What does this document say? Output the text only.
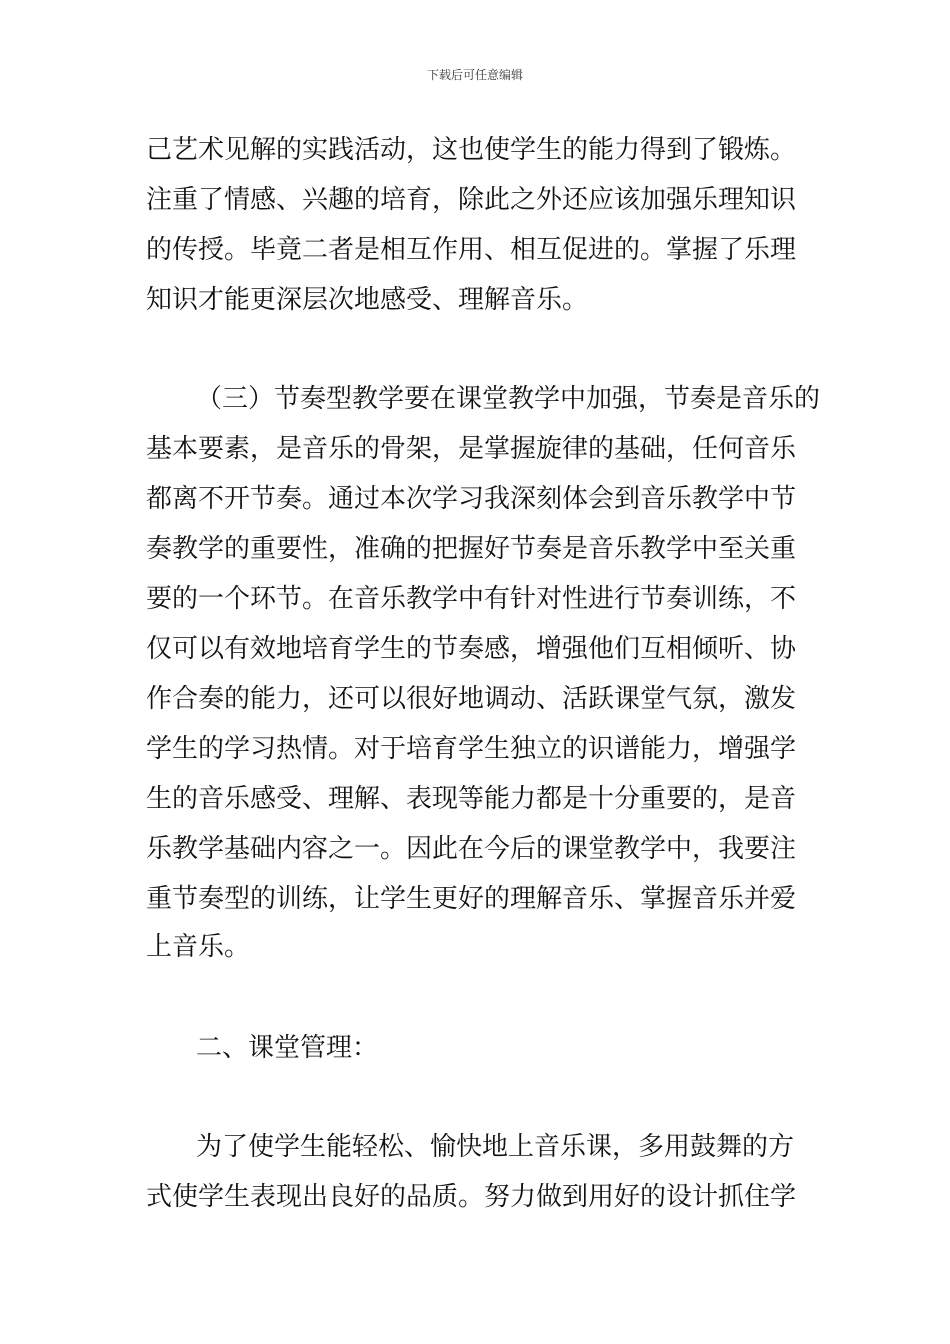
下载后可任意编辑
己艺术见解的实践活动，这也使学生的能力得到了锻炼。
注重了情感、兴趣的培育，除此之外还应该加强乐理知识
的传授。毕竟二者是相互作用、相互促进的。掌握了乐理
知识才能更深层次地感受、理解音乐。
（三）节奏型教学要在课堂教学中加强，节奏是音乐的
基本要素，是音乐的骨架，是掌握旋律的基础，任何音乐
都离不开节奏。通过本次学习我深刻体会到音乐教学中节
奏教学的重要性，准确的把握好节奏是音乐教学中至关重
要的一个环节。在音乐教学中有针对性进行节奏训练，不
仅可以有效地培育学生的节奏感，增强他们互相倾听、协
作合奏的能力，还可以很好地调动、活跃课堂气氛，激发
学生的学习热情。对于培育学生独立的识谱能力，增强学
生的音乐感受、理解、表现等能力都是十分重要的，是音
乐教学基础内容之一。因此在今后的课堂教学中，我要注
重节奏型的训练，让学生更好的理解音乐、掌握音乐并爱
上音乐。
二、课堂管理：
为了使学生能轻松、愉快地上音乐课，多用鼓舞的方
式使学生表现出良好的品质。努力做到用好的设计抓住学
